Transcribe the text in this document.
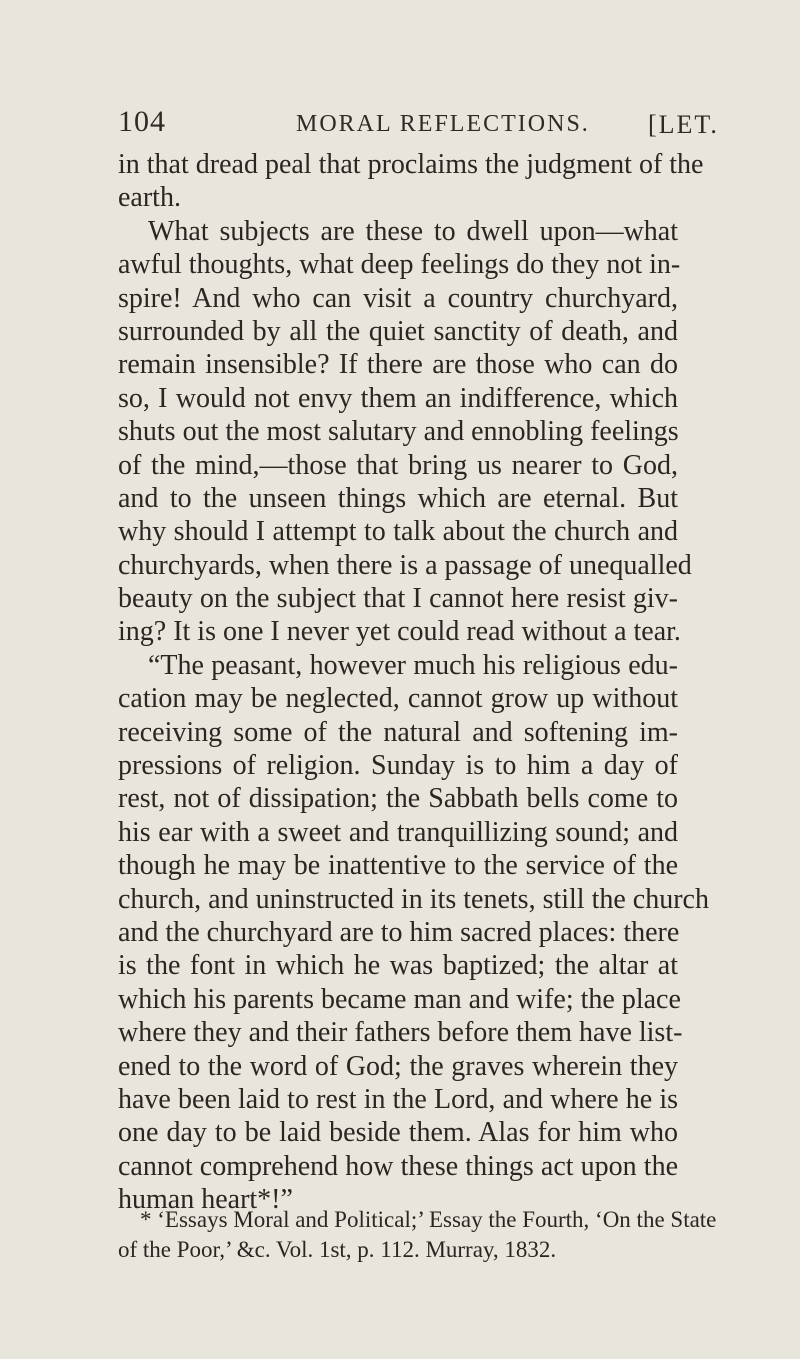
104	MORAL REFLECTIONS. [LET.
in that dread peal that proclaims the judgment of the
earth.
What subjects are these to dwell upon—what
awful thoughts, what deep feelings do they not in-
spire! And who can visit a country churchyard,
surrounded by all the quiet sanctity of death, and
remain insensible? If there are those who can do
so, I would not envy them an indifference, which
shuts out the most salutary and ennobling feelings
of the mind,—those that bring us nearer to God,
and to the unseen things which are eternal. But
why should I attempt to talk about the church and
churchyards, when there is a passage of unequalled
beauty on the subject that I cannot here resist giv-
ing? It is one I never yet could read without a tear.
“The peasant, however much his religious edu-
cation may be neglected, cannot grow up without
receiving some of the natural and softening im-
pressions of religion. Sunday is to him a day of
rest, not of dissipation; the Sabbath bells come to
his ear with a sweet and tranquillizing sound; and
though he may be inattentive to the service of the
church, and uninstructed in its tenets, still the church
and the churchyard are to him sacred places: there
is the font in which he was baptized; the altar at
which his parents became man and wife; the place
where they and their fathers before them have list-
ened to the word of God; the graves wherein they
have been laid to rest in the Lord, and where he is
one day to be laid beside them. Alas for him who
cannot comprehend how these things act upon the
human heart*!”
* ‘Essays Moral and Political;’ Essay the Fourth, ‘On the State
of the Poor,’ &c. Vol. 1st, p. 112. Murray, 1832.
